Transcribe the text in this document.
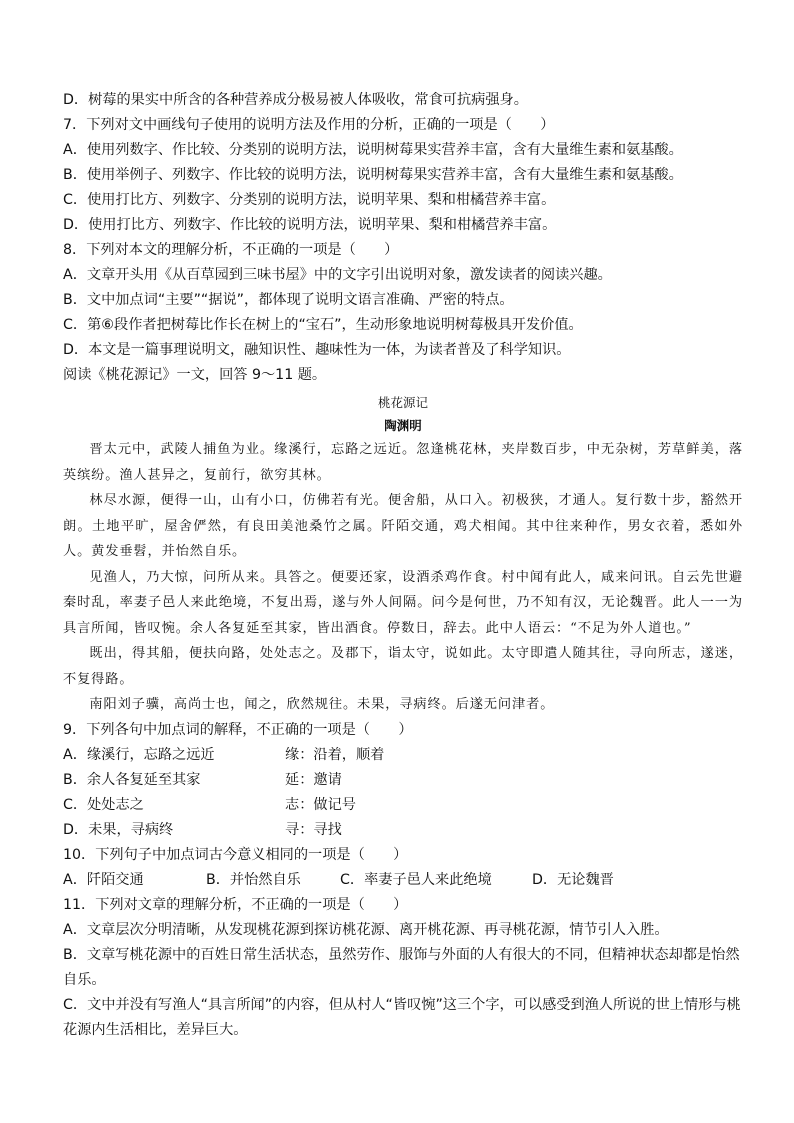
D．树莓的果实中所含的各种营养成分极易被人体吸收，常食可抗病强身。
7．下列对文中画线句子使用的说明方法及作用的分析，正确的一项是（　　）
A．使用列数字、作比较、分类别的说明方法，说明树莓果实营养丰富，含有大量维生素和氨基酸。
B．使用举例子、列数字、作比较的说明方法，说明树莓果实营养丰富，含有大量维生素和氨基酸。
C．使用打比方、列数字、分类别的说明方法，说明苹果、梨和柑橘营养丰富。
D．使用打比方、列数字、作比较的说明方法，说明苹果、梨和柑橘营养丰富。
8．下列对本文的理解分析，不正确的一项是（　　）
A．文章开头用《从百草园到三味书屋》中的文字引出说明对象，激发读者的阅读兴趣。
B．文中加点词“主要”“据说”，都体现了说明文语言准确、严密的特点。
C．第⑥段作者把树莓比作长在树上的“宝石”，生动形象地说明树莓极具开发价值。
D．本文是一篇事理说明文，融知识性、趣味性为一体，为读者普及了科学知识。
阅读《桃花源记》一文，回答 9～11 题。
桃花源记
陶渊明

晋太元中，武陵人捕鱼为业。缘溪行，忘路之远近。忽逢桃花林，夹岸数百步，中无杂树，芳草鲜美，落英缤纷。渔人甚异之，复前行，欲穷其林。

林尽水源，便得一山，山有小口，仿佛若有光。便舍船，从口入。初极狭，才通人。复行数十步，豁然开朗。土地平旷，屋舍俨然，有良田美池桑竹之属。阡陌交通，鸡犬相闻。其中往来种作，男女衣着，悉如外人。黄发垂髫，并怡然自乐。

见渔人，乃大惊，问所从来。具答之。便要还家，设酒杀鸡作食。村中闻有此人，咸来问讯。自云先世避秦时乱，率妻子邑人来此绝境，不复出焉，遂与外人间隔。问今是何世，乃不知有汉，无论魏晋。此人一一为具言所闻，皆叹惋。余人各复延至其家，皆出酒食。停数日，辞去。此中人语云：“不足为外人道也。”

既出，得其船，便扶向路，处处志之。及郡下，诣太守，说如此。太守即遣人随其往，寻向所志，遂迷，不复得路。

南阳刘子骥，高尚士也，闻之，欣然规往。未果，寻病终。后遂无问津者。

9．下列各句中加点词的解释，不正确的一项是（　　）
A．缘溪行，忘路之远近	缘：沿着，顺着
B．余人各复延至其家	延：邀请
C．处处志之	志：做记号
D．未果，寻病终	寻：寻找
10．下列句子中加点词古今意义相同的一项是（　　）
A．阡陌交通	B．并怡然自乐	C．率妻子邑人来此绝境	D．无论魏晋
11．下列对文章的理解分析，不正确的一项是（　　）
A．文章层次分明清晰，从发现桃花源到探访桃花源、离开桃花源、再寻桃花源，情节引人入胜。
B．文章写桃花源中的百姓日常生活状态，虽然劳作、服饰与外面的人有很大的不同，但精神状态却都是怡然自乐。
C．文中并没有写渔人“具言所闻”的内容，但从村人“皆叹惋”这三个字，可以感受到渔人所说的世上情形与桃花源内生活相比，差异巨大。
